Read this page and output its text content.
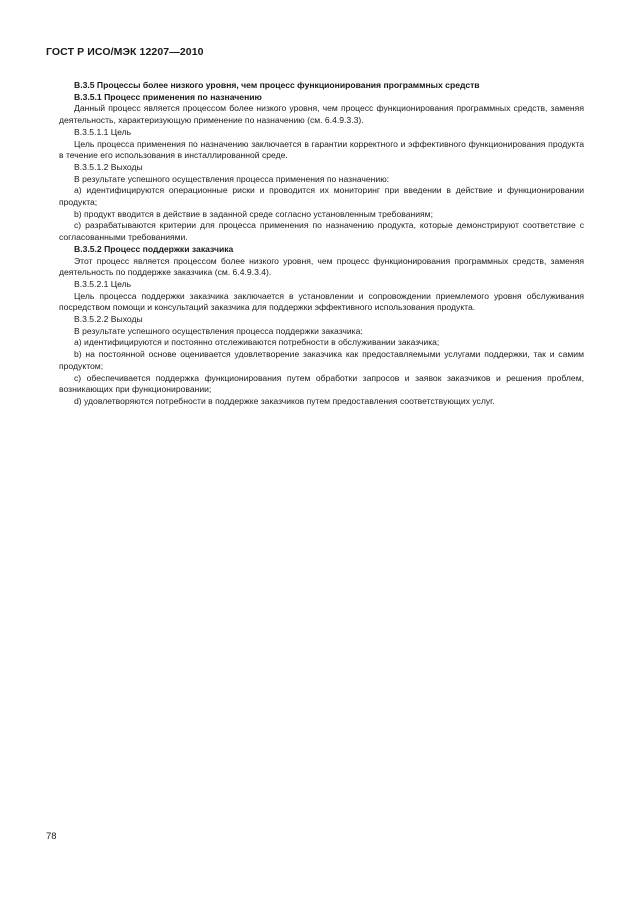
ГОСТ Р ИСО/МЭК 12207—2010

B.3.5 Процессы более низкого уровня, чем процесс функционирования программных средств

B.3.5.1 Процесс применения по назначению

Данный процесс является процессом более низкого уровня, чем процесс функционирования программных средств, заменяя деятельность, характеризующую применение по назначению (см. 6.4.9.3.3).

B.3.5.1.1 Цель

Цель процесса применения по назначению заключается в гарантии корректного и эффективного функционирования продукта в течение его использования в инсталлированной среде.

B.3.5.1.2 Выходы

В результате успешного осуществления процесса применения по назначению:

a) идентифицируются операционные риски и проводится их мониторинг при введении в действие и функционировании продукта;

b) продукт вводится в действие в заданной среде согласно установленным требованиям;

c) разрабатываются критерии для процесса применения по назначению продукта, которые демонстрируют соответствие с согласованными требованиями.

B.3.5.2 Процесс поддержки заказчика

Этот процесс является процессом более низкого уровня, чем процесс функционирования программных средств, заменяя деятельность по поддержке заказчика (см. 6.4.9.3.4).

B.3.5.2.1 Цель

Цель процесса поддержки заказчика заключается в установлении и сопровождении приемлемого уровня обслуживания посредством помощи и консультаций заказчика для поддержки эффективного использования продукта.

B.3.5.2.2 Выходы

В результате успешного осуществления процесса поддержки заказчика:

a) идентифицируются и постоянно отслеживаются потребности в обслуживании заказчика;

b) на постоянной основе оценивается удовлетворение заказчика как предоставляемыми услугами поддержки, так и самим продуктом;

c) обеспечивается поддержка функционирования путем обработки запросов и заявок заказчиков и решения проблем, возникающих при функционировании;

d) удовлетворяются потребности в поддержке заказчиков путем предоставления соответствующих услуг.

78
